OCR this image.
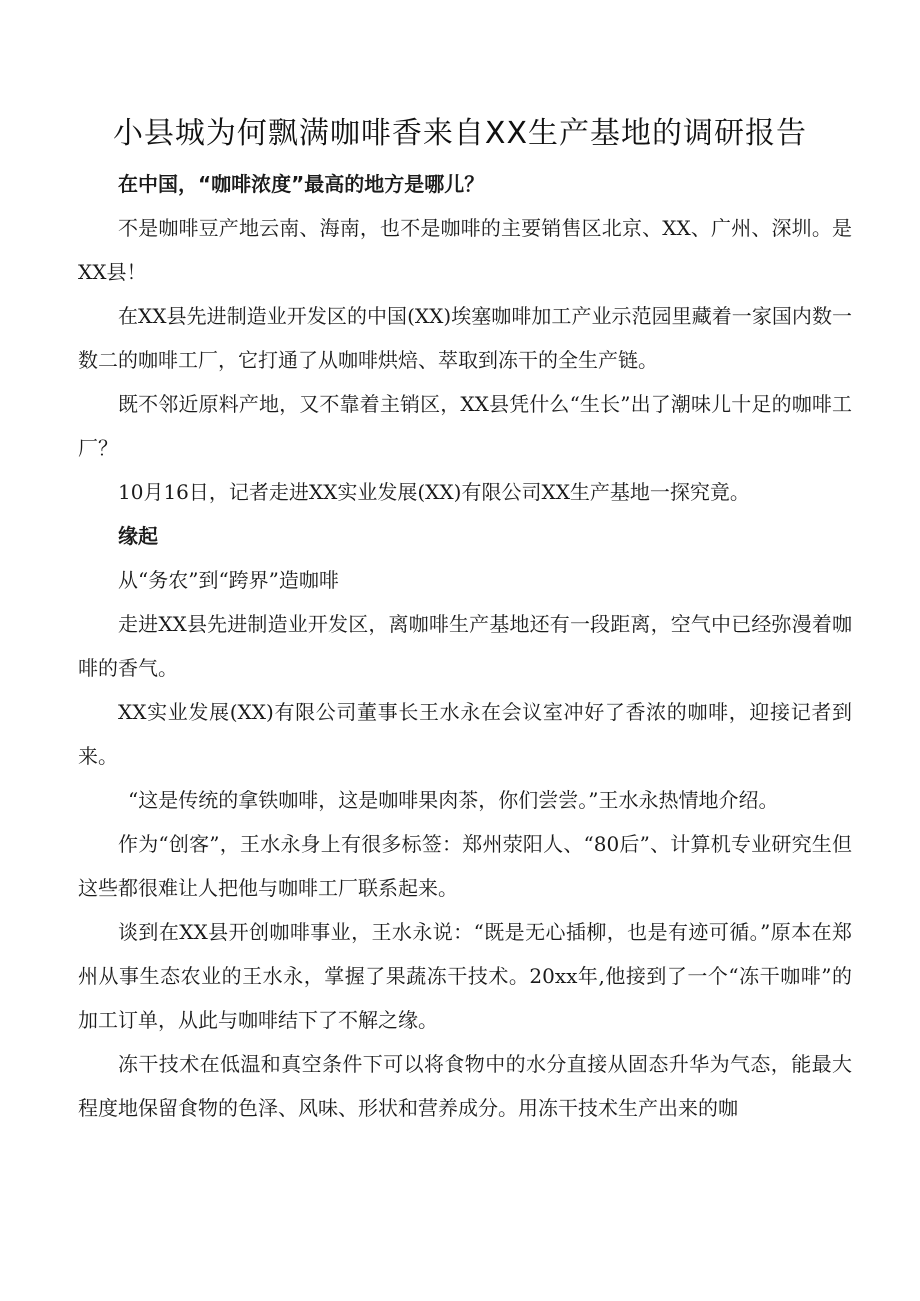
小县城为何飘满咖啡香来自XX生产基地的调研报告

在中国，“咖啡浓度”最高的地方是哪儿？

不是咖啡豆产地云南、海南，也不是咖啡的主要销售区北京、XX、广州、深圳。是XX县！

在XX县先进制造业开发区的中国(XX)埃塞咖啡加工产业示范园里藏着一家国内数一数二的咖啡工厂，它打通了从咖啡烘焙、萃取到冻干的全生产链。

既不邻近原料产地，又不靠着主销区，XX县凭什么“生长”出了潮味儿十足的咖啡工厂？

10月16日，记者走进XX实业发展(XX)有限公司XX生产基地一探究竟。

缘起

从“务农”到“跨界”造咖啡

走进XX县先进制造业开发区，离咖啡生产基地还有一段距离，空气中已经弥漫着咖啡的香气。

XX实业发展(XX)有限公司董事长王水永在会议室冲好了香浓的咖啡，迎接记者到来。

“这是传统的拿铁咖啡，这是咖啡果肉茶，你们尝尝。”王水永热情地介绍。

作为“创客”，王水永身上有很多标签：郑州荥阳人、“80后”、计算机专业研究生但这些都很难让人把他与咖啡工厂联系起来。

谈到在XX县开创咖啡事业，王水永说：“既是无心插柳，也是有迹可循。”原本在郑州从事生态农业的王水永，掌握了果蔬冻干技术。20xx年,他接到了一个“冻干咖啡”的加工订单，从此与咖啡结下了不解之缘。

冻干技术在低温和真空条件下可以将食物中的水分直接从固态升华为气态，能最大程度地保留食物的色泽、风味、形状和营养成分。用冻干技术生产出来的咖
